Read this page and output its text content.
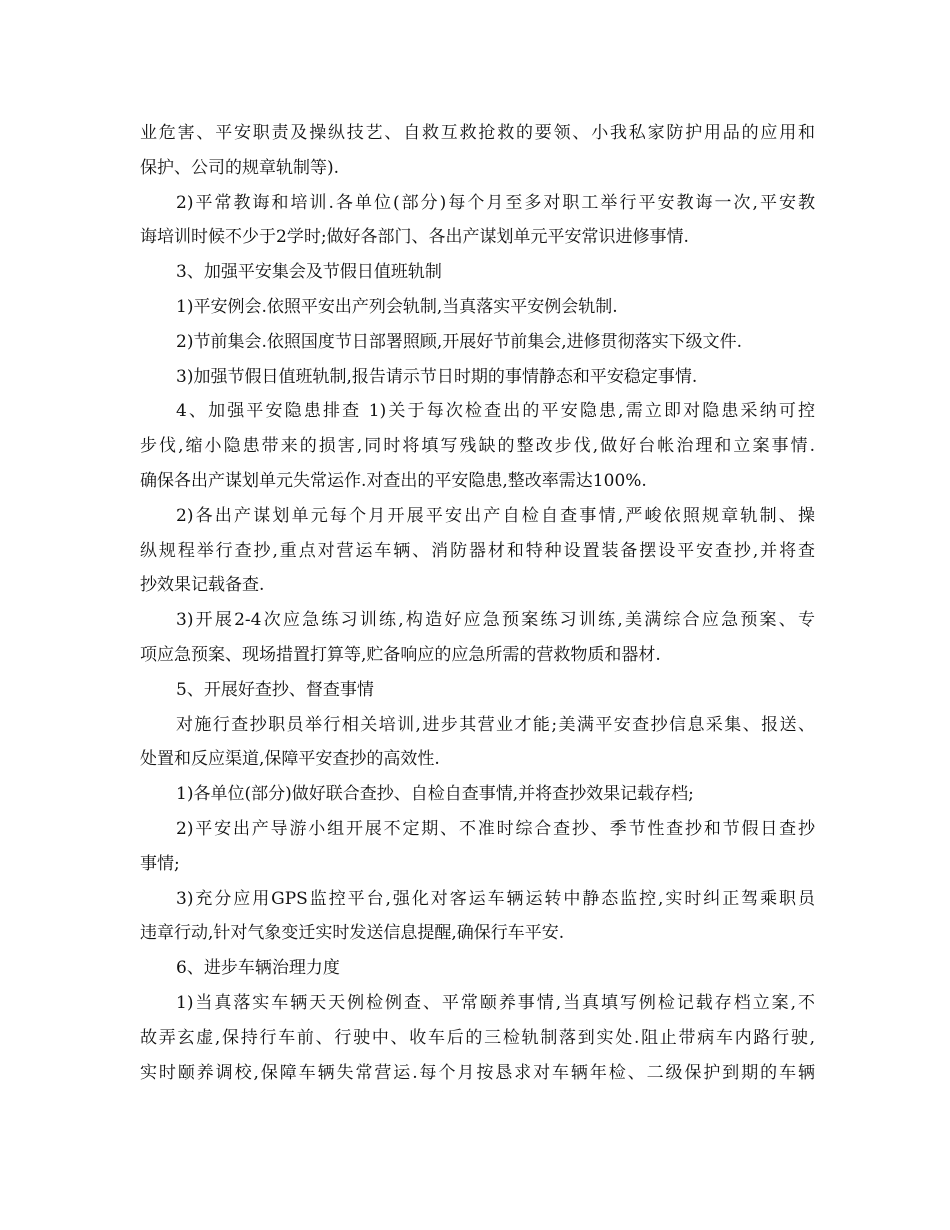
业危害、平安职责及操纵技艺、自救互救抢救的要领、小我私家防护用品的应用和
保护、公司的规章轨制等).
2)平常教诲和培训.各单位(部分)每个月至多对职工举行平安教诲一次,平安教
诲培训时候不少于2学时;做好各部门、各出产谋划单元平安常识进修事情.
3、加强平安集会及节假日值班轨制
1)平安例会.依照平安出产列会轨制,当真落实平安例会轨制.
2)节前集会.依照国度节日部署照顾,开展好节前集会,进修贯彻落实下级文件.
3)加强节假日值班轨制,报告请示节日时期的事情静态和平安稳定事情.
4、加强平安隐患排查 1)关于每次检查出的平安隐患,需立即对隐患采纳可控
步伐,缩小隐患带来的损害,同时将填写残缺的整改步伐,做好台帐治理和立案事情.
确保各出产谋划单元失常运作.对查出的平安隐患,整改率需达100%.
2)各出产谋划单元每个月开展平安出产自检自查事情,严峻依照规章轨制、操
纵规程举行查抄,重点对营运车辆、消防器材和特种设置装备摆设平安查抄,并将查
抄效果记载备查.
3)开展2-4次应急练习训练,构造好应急预案练习训练,美满综合应急预案、专
项应急预案、现场措置打算等,贮备响应的应急所需的营救物质和器材.
5、开展好查抄、督查事情
对施行查抄职员举行相关培训,进步其营业才能;美满平安查抄信息采集、报送、
处置和反应渠道,保障平安查抄的高效性.
1)各单位(部分)做好联合查抄、自检自查事情,并将查抄效果记载存档;
2)平安出产导游小组开展不定期、不准时综合查抄、季节性查抄和节假日查抄
事情;
3)充分应用GPS监控平台,强化对客运车辆运转中静态监控,实时纠正驾乘职员
违章行动,针对气象变迁实时发送信息提醒,确保行车平安.
6、进步车辆治理力度
1)当真落实车辆天天例检例查、平常颐养事情,当真填写例检记载存档立案,不
故弄玄虚,保持行车前、行驶中、收车后的三检轨制落到实处.阻止带病车内路行驶,
实时颐养调校,保障车辆失常营运.每个月按恳求对车辆年检、二级保护到期的车辆
